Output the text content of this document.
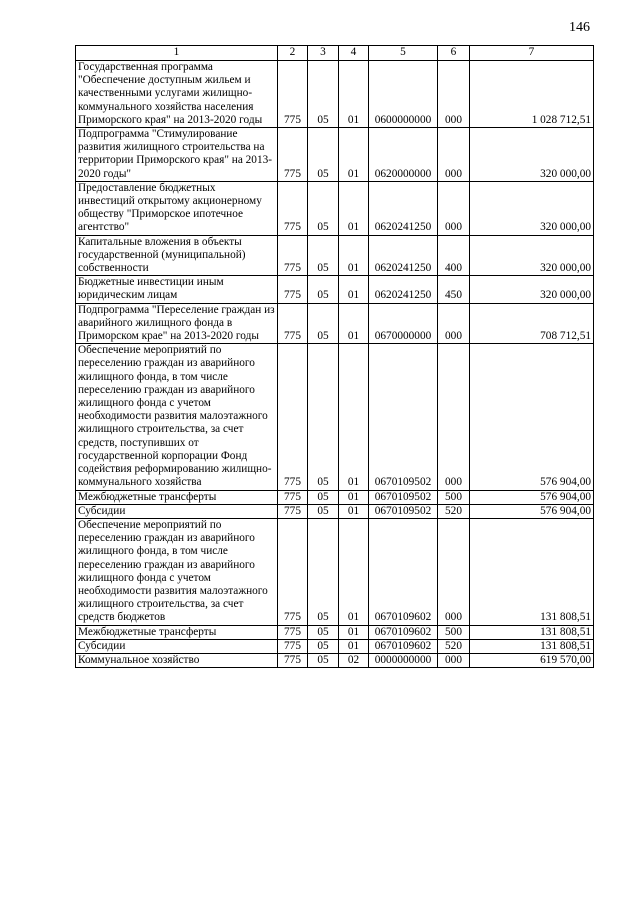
146
1	2	3	4	5	6	7
Государственная программа "Обеспечение доступным жильем и качественными услугами жилищно-коммунального хозяйства населения Приморского края" на 2013-2020 годы	775	05	01	0600000000	000	1 028 712,51
Подпрограмма "Стимулирование развития жилищного строительства на территории Приморского края" на 2013-2020 годы"	775	05	01	0620000000	000	320 000,00
Предоставление бюджетных инвестиций открытому акционерному обществу "Приморское ипотечное агентство"	775	05	01	0620241250	000	320 000,00
Капитальные вложения в объекты государственной (муниципальной) собственности	775	05	01	0620241250	400	320 000,00
Бюджетные инвестиции иным юридическим лицам	775	05	01	0620241250	450	320 000,00
Подпрограмма "Переселение граждан из аварийного жилищного фонда в Приморском крае" на 2013-2020 годы	775	05	01	0670000000	000	708 712,51
Обеспечение мероприятий по переселению граждан из аварийного жилищного фонда, в том числе переселению граждан из аварийного жилищного фонда с учетом необходимости развития малоэтажного жилищного строительства, за счет средств, поступивших от государственной корпорации Фонд содействия реформированию жилищно-коммунального хозяйства	775	05	01	0670109502	000	576 904,00
Межбюджетные трансферты	775	05	01	0670109502	500	576 904,00
Субсидии	775	05	01	0670109502	520	576 904,00
Обеспечение мероприятий по переселению граждан из аварийного жилищного фонда, в том числе переселению граждан из аварийного жилищного фонда с учетом необходимости развития малоэтажного жилищного строительства, за счет средств бюджетов	775	05	01	0670109602	000	131 808,51
Межбюджетные трансферты	775	05	01	0670109602	500	131 808,51
Субсидии	775	05	01	0670109602	520	131 808,51
Коммунальное хозяйство	775	05	02	0000000000	000	619 570,00
